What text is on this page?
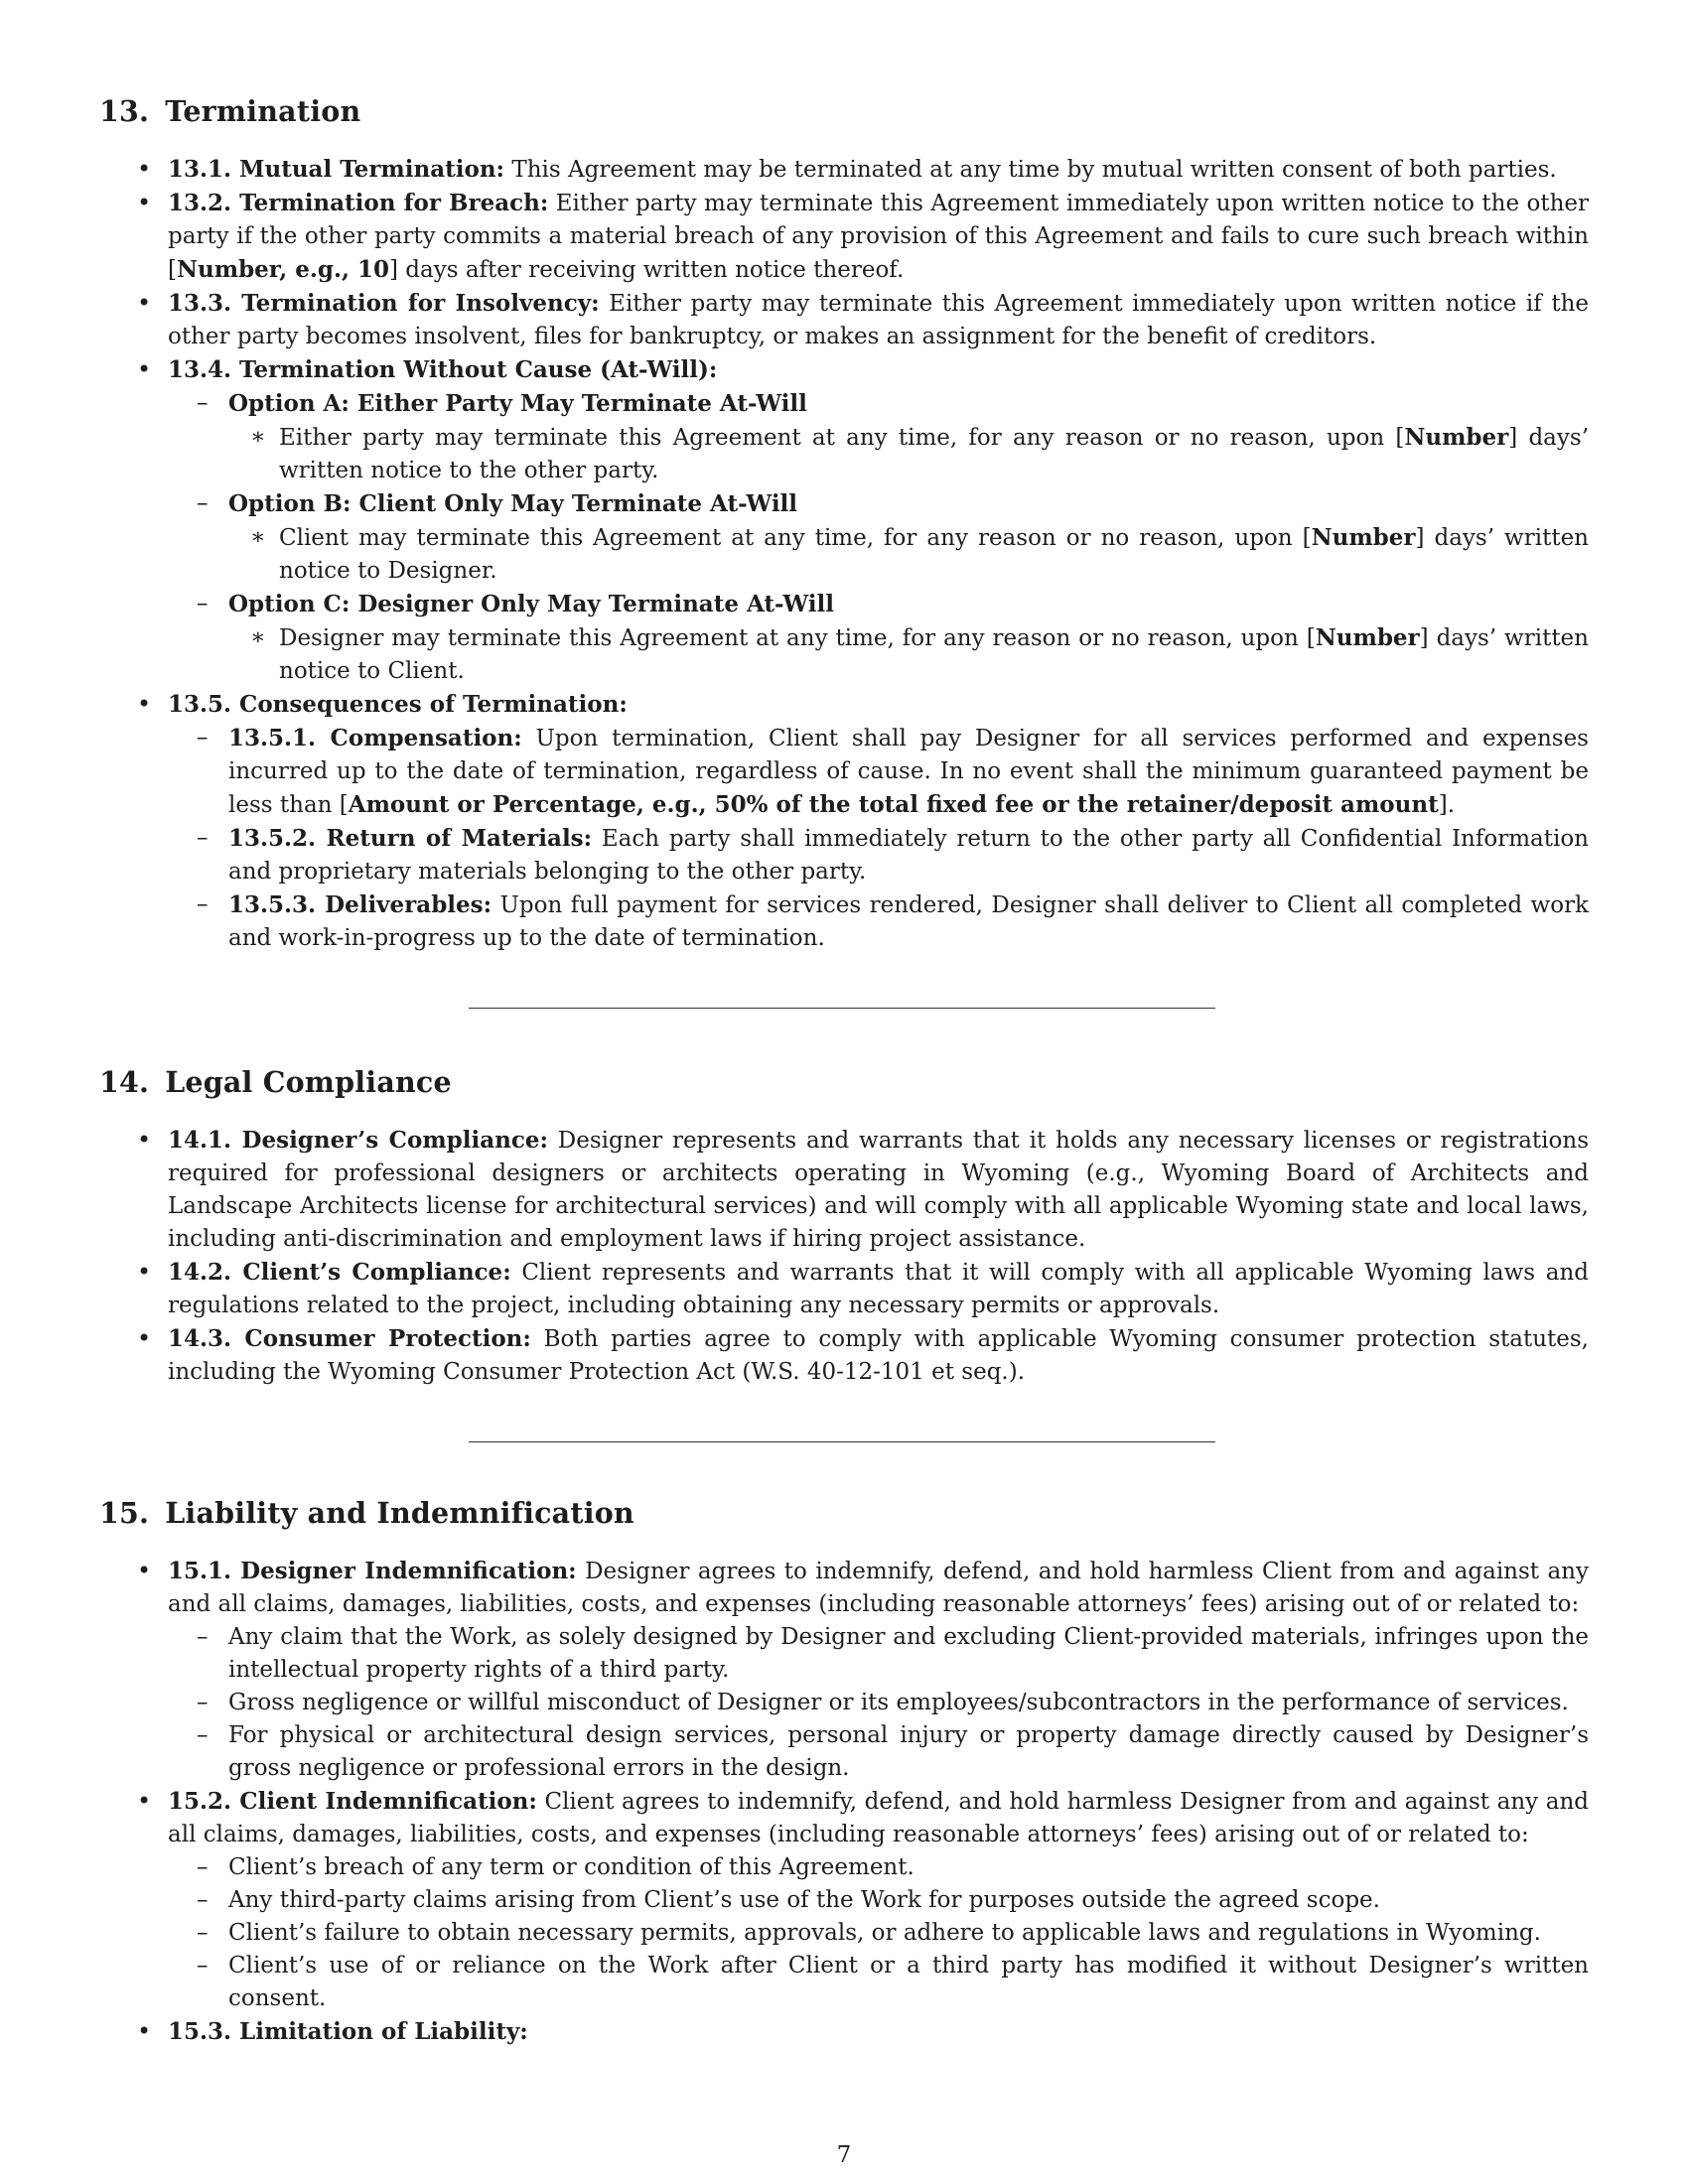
13. Termination
• 13.1. Mutual Termination: This Agreement may be terminated at any time by mutual written consent of both parties.
• 13.2. Termination for Breach: Either party may terminate this Agreement immediately upon written notice to the other party if the other party commits a material breach of any provision of this Agreement and fails to cure such breach within [Number, e.g., 10] days after receiving written notice thereof.
• 13.3. Termination for Insolvency: Either party may terminate this Agreement immediately upon written notice if the other party becomes insolvent, files for bankruptcy, or makes an assignment for the benefit of creditors.
• 13.4. Termination Without Cause (At-Will):
– Option A: Either Party May Terminate At-Will
∗ Either party may terminate this Agreement at any time, for any reason or no reason, upon [Number] days’ written notice to the other party.
– Option B: Client Only May Terminate At-Will
∗ Client may terminate this Agreement at any time, for any reason or no reason, upon [Number] days’ written notice to Designer.
– Option C: Designer Only May Terminate At-Will
∗ Designer may terminate this Agreement at any time, for any reason or no reason, upon [Number] days’ written notice to Client.
• 13.5. Consequences of Termination:
– 13.5.1. Compensation: Upon termination, Client shall pay Designer for all services performed and expenses incurred up to the date of termination, regardless of cause. In no event shall the minimum guaranteed payment be less than [Amount or Percentage, e.g., 50% of the total fixed fee or the retainer/deposit amount].
– 13.5.2. Return of Materials: Each party shall immediately return to the other party all Confidential Information and proprietary materials belonging to the other party.
– 13.5.3. Deliverables: Upon full payment for services rendered, Designer shall deliver to Client all completed work and work-in-progress up to the date of termination.
14. Legal Compliance
• 14.1. Designer’s Compliance: Designer represents and warrants that it holds any necessary licenses or registrations required for professional designers or architects operating in Wyoming (e.g., Wyoming Board of Architects and Landscape Architects license for architectural services) and will comply with all applicable Wyoming state and local laws, including anti-discrimination and employment laws if hiring project assistance.
• 14.2. Client’s Compliance: Client represents and warrants that it will comply with all applicable Wyoming laws and regulations related to the project, including obtaining any necessary permits or approvals.
• 14.3. Consumer Protection: Both parties agree to comply with applicable Wyoming consumer protection statutes, including the Wyoming Consumer Protection Act (W.S. 40-12-101 et seq.).
15. Liability and Indemnification
• 15.1. Designer Indemnification: Designer agrees to indemnify, defend, and hold harmless Client from and against any and all claims, damages, liabilities, costs, and expenses (including reasonable attorneys’ fees) arising out of or related to:
– Any claim that the Work, as solely designed by Designer and excluding Client-provided materials, infringes upon the intellectual property rights of a third party.
– Gross negligence or willful misconduct of Designer or its employees/subcontractors in the performance of services.
– For physical or architectural design services, personal injury or property damage directly caused by Designer’s gross negligence or professional errors in the design.
• 15.2. Client Indemnification: Client agrees to indemnify, defend, and hold harmless Designer from and against any and all claims, damages, liabilities, costs, and expenses (including reasonable attorneys’ fees) arising out of or related to:
– Client’s breach of any term or condition of this Agreement.
– Any third-party claims arising from Client’s use of the Work for purposes outside the agreed scope.
– Client’s failure to obtain necessary permits, approvals, or adhere to applicable laws and regulations in Wyoming.
– Client’s use of or reliance on the Work after Client or a third party has modified it without Designer’s written consent.
• 15.3. Limitation of Liability:
7
